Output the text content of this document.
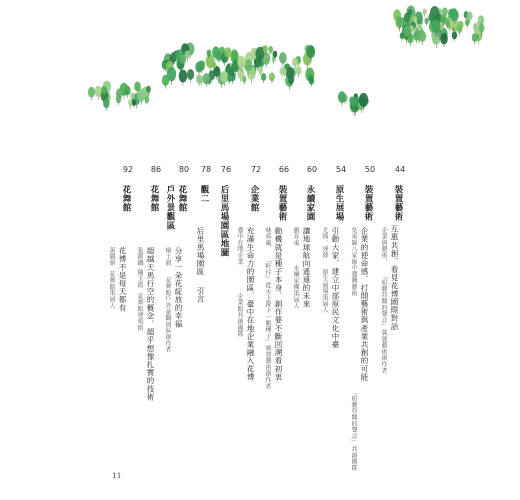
44
裝置藝術
互惠共創．看見花博國際對話
企業與藝術，
「給藝亞聞的聲音」裝置藝術創作者
50
裝置藝術
企業的使命感．打開藝術與產業共創的可能
吳東錦八家綠中臺灣藝術
「給藝亞聞的聲音」共創團隊
54
原生展場
引動大家．建立中部原民文化中臺
尤瑪．達陸
原生展場策展人
60
永續家園
讓地球航向遙遠的未來
劉育東
永續家園策展人
66
裝置藝術
動機就是種子本身．創作要不斷回溯看初衷
林舜龍
「籽仔」從天上降下一顆種子」裝置藝術創作者
72
企業館
充滿生命力的園區．臺中在地企業融入花博
臺中在地企業
企業館共創團隊
76
后里馬場園區地圖
78
觀二
后里馬場園區
引言
80
花舞館
戶外景觀區
分享一朵花綻放的幸福
楊士毅
花舞館戶外景觀展區創作者
86
花舞館
超越天馬行空的概念．超乎想像扎實的技術
張源鐵
陳玉霞
花舞館建築組
92
花舞館
花博不是每天都有
黃麗娟
花舞館策展人
11
